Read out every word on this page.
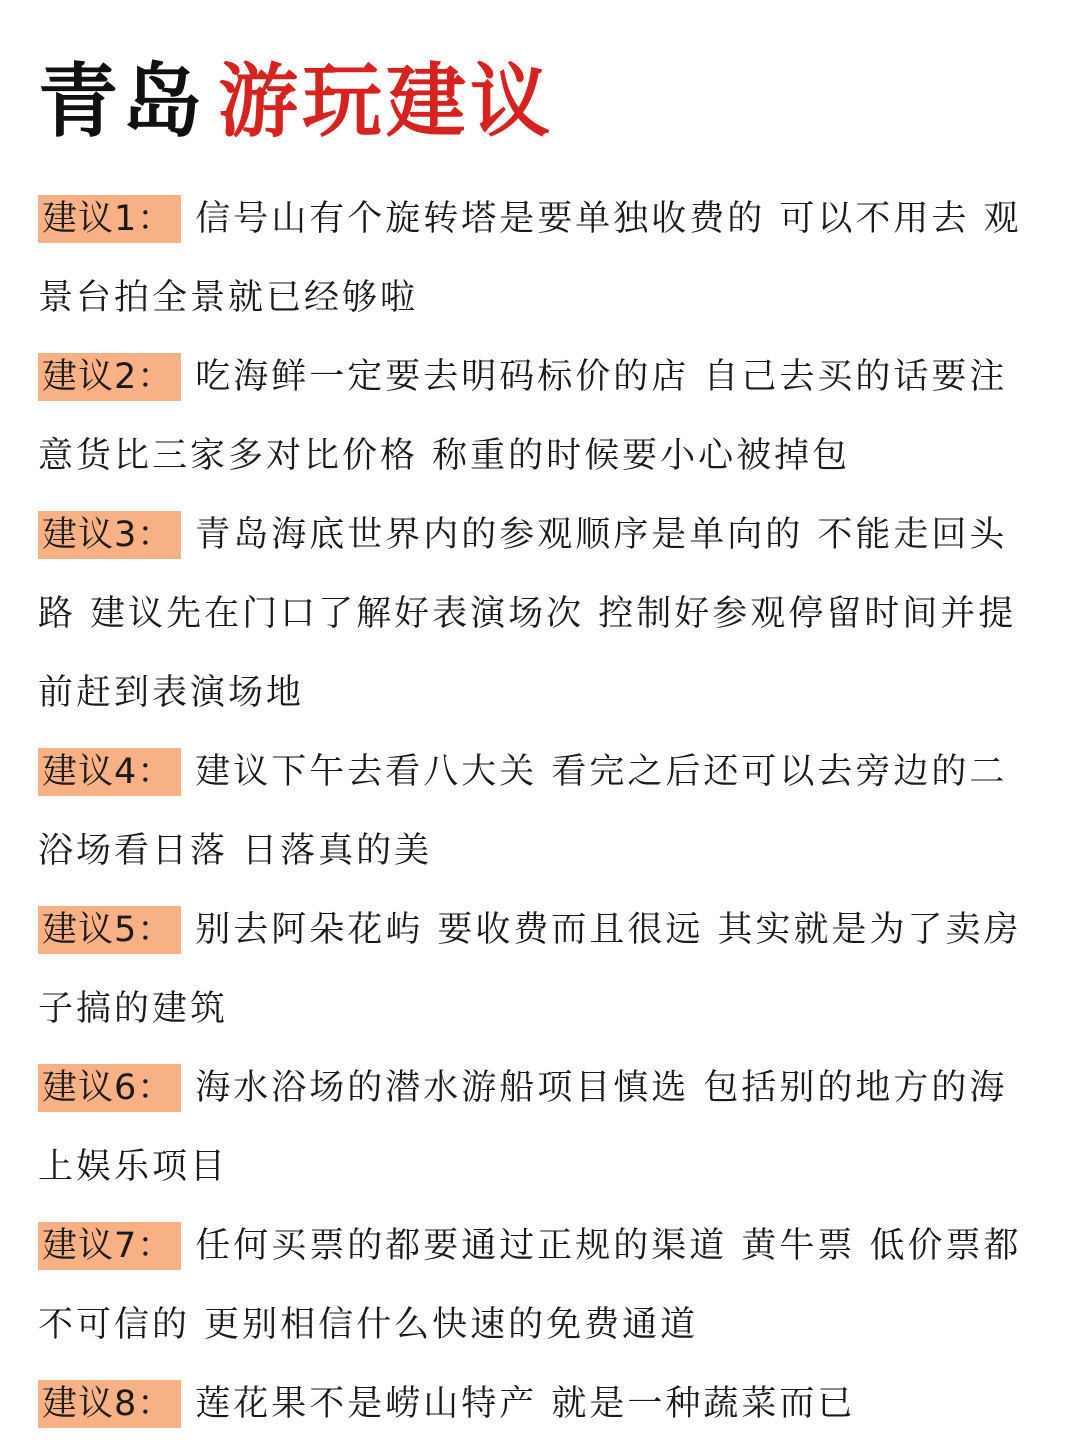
青岛 游玩建议

建议1： 信号山有个旋转塔是要单独收费的 可以不用去 观景台拍全景就已经够啦

建议2： 吃海鲜一定要去明码标价的店 自己去买的话要注意货比三家多对比价格 称重的时候要小心被掉包

建议3： 青岛海底世界内的参观顺序是单向的 不能走回头路 建议先在门口了解好表演场次 控制好参观停留时间并提前赶到表演场地

建议4： 建议下午去看八大关 看完之后还可以去旁边的二浴场看日落 日落真的美

建议5： 别去阿朵花屿 要收费而且很远 其实就是为了卖房子搞的建筑

建议6： 海水浴场的潜水游船项目慎选 包括别的地方的海上娱乐项目

建议7： 任何买票的都要通过正规的渠道 黄牛票 低价票都不可信的 更别相信什么快速的免费通道

建议8： 莲花果不是崂山特产 就是一种蔬菜而已
